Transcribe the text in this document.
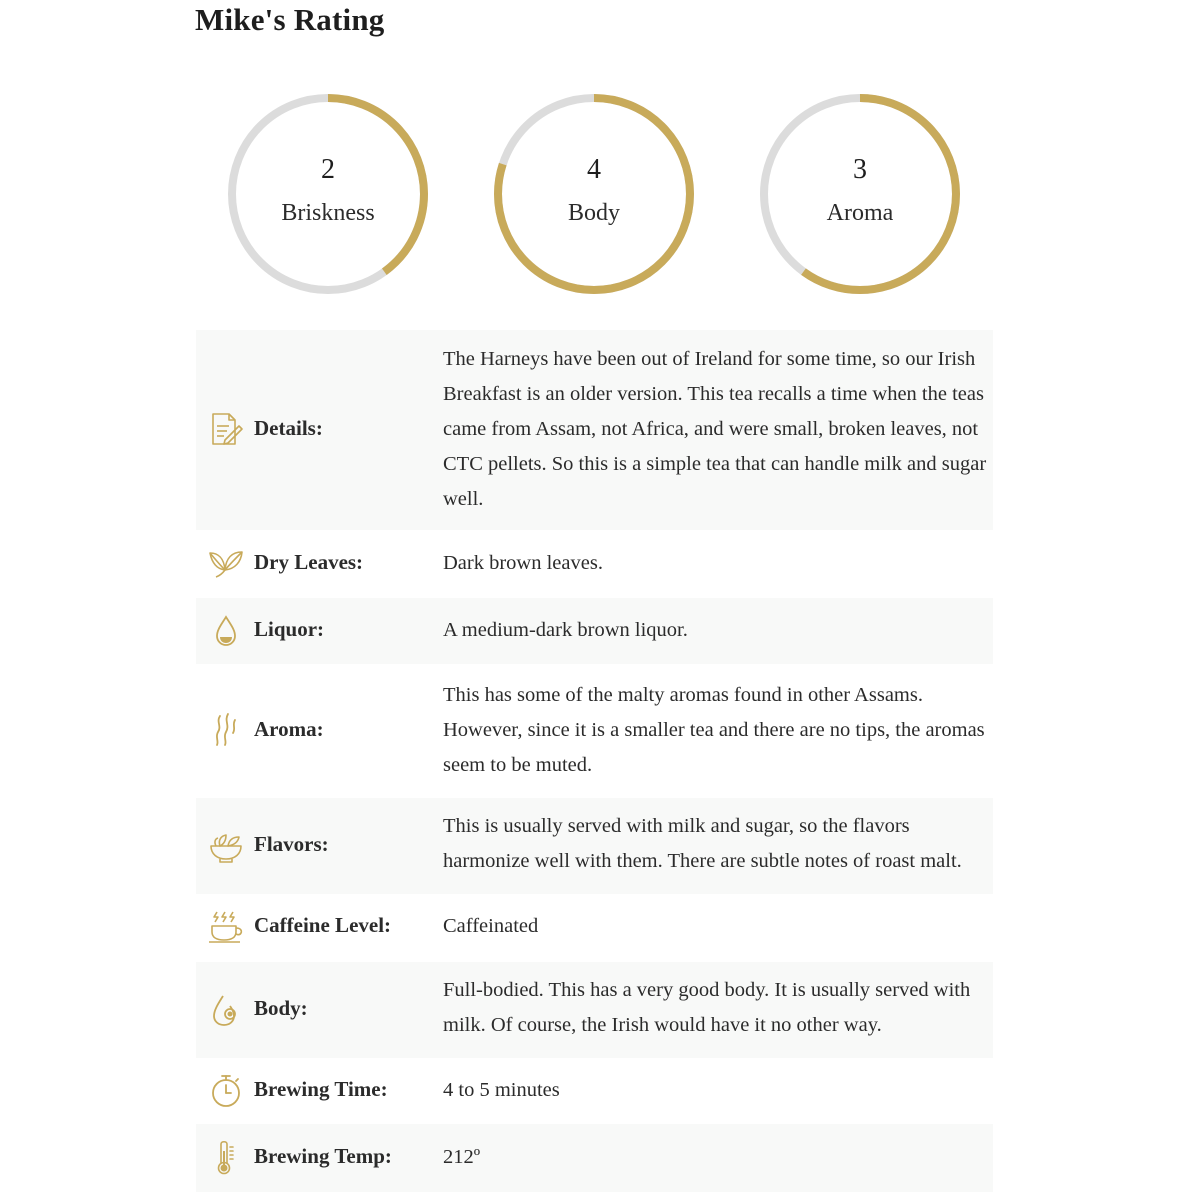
Mike's Rating
2
Briskness
4
Body
3
Aroma
Details:
The Harneys have been out of Ireland for some time, so our Irish Breakfast is an older version. This tea recalls a time when the teas came from Assam, not Africa, and were small, broken leaves, not CTC pellets. So this is a simple tea that can handle milk and sugar well.
Dry Leaves:	Dark brown leaves.
Liquor:	A medium-dark brown liquor.
Aroma:
This has some of the malty aromas found in other Assams. However, since it is a smaller tea and there are no tips, the aromas seem to be muted.
Flavors:
This is usually served with milk and sugar, so the flavors harmonize well with them. There are subtle notes of roast malt.
Caffeine Level:	Caffeinated
Body:
Full-bodied. This has a very good body. It is usually served with milk. Of course, the Irish would have it no other way.
Brewing Time:	4 to 5 minutes
Brewing Temp: 212º
